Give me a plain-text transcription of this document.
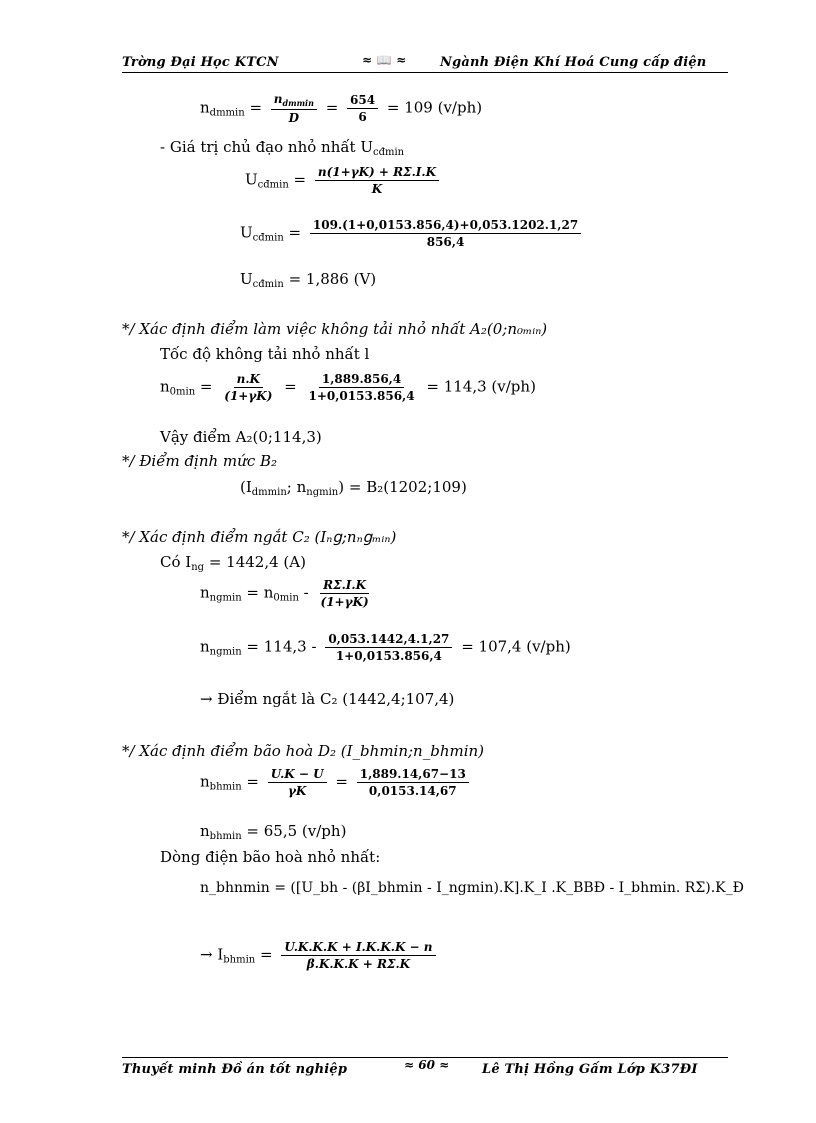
Trờng Đại Học KTCN	≈ 📖 ≈	Ngành Điện Khí Hoá Cung cấp điện
$n_{dmmin} = \frac{n_{dmmin}}{D} = \frac{654}{6} = 109$ (v/ph)
- Giá trị chủ đạo nhỏ nhất $U_{cđmin}$
$U_{cđmin} = \frac{n(1+\gamma K) + R\Sigma.I.K}{K}$
$U_{cđmin} = \frac{109.(1+0,0153.856,4)+0,053.1202.1,27}{856,4}$
$U_{cđmin} = 1,886$ (V)
*/ Xác định điểm làm việc không tải nhỏ nhất A₂(0;n₀ₘᵢₙ)
Tốc độ không tải nhỏ nhất l
$n_{0min} = \frac{n.K}{(1+\gamma K)} = \frac{1,889.856,4}{1+0,0153.856,4} = 114,3$ (v/ph)
Vậy điểm A₂(0;114,3)
*/ Điểm định mức B₂
($I_{dmmin}$; $n_{ngmin}$) = B₂(1202;109)
*/ Xác định điểm ngắt C₂ (Iₙ𝗀;nₙ𝗀ₘᵢₙ)
Có $I_{ng} = 1442,4$ (A)
$n_{ngmin} = n_{0min} - \frac{R\Sigma.I.K}{(1+\gamma K)}$
$n_{ngmin} = 114,3 - \frac{0,053.1442,4.1,27}{1+0,0153.856,4} = 107,4$ (v/ph)
→ Điểm ngắt là C₂ (1442,4;107,4)
*/ Xác định điểm bão hoà D₂ (I_bhmin;n_bhmin)
$n_{bhmin} = \frac{U.K - U}{\gamma K} = \frac{1,889.14,67-13}{0,0153.14,67}$
$n_{bhmin} = 65,5$ (v/ph)
Dòng điện bão hoà nhỏ nhất:
n_bhnmin = ([U_bh - (βI_bhmin - I_ngmin).K].K_I .K_BBĐ - I_bhmin. RΣ).K_Đ
→ $I_{bhmin} = \frac{U.K.K.K + I.K.K.K - n}{\beta.K.K.K + R\Sigma.K}$
Thuyết minh Đồ án tốt nghiệp	≈ 60 ≈	Lê Thị Hồng Gấm Lớp K37ĐI
